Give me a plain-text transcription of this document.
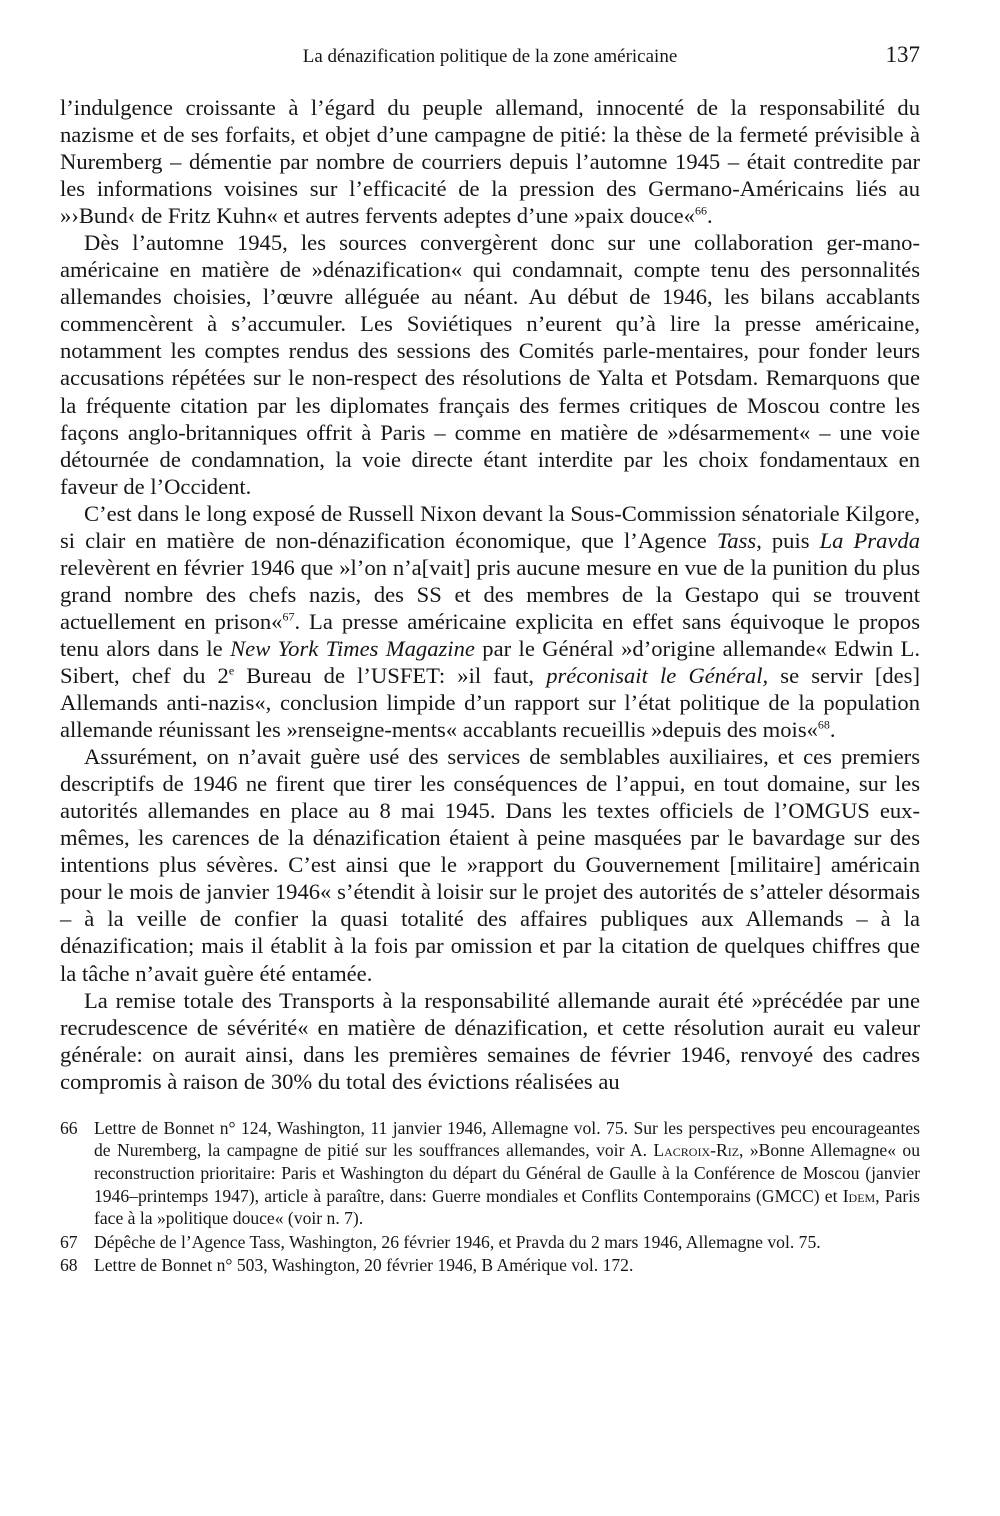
La dénazification politique de la zone américaine	137

l’indulgence croissante à l’égard du peuple allemand, innocenté de la responsabilité du nazisme et de ses forfaits, et objet d’une campagne de pitié: la thèse de la fermeté prévisible à Nuremberg – démentie par nombre de courriers depuis l’automne 1945 – était contredite par les informations voisines sur l’efficacité de la pression des Germano-Américains liés au »›Bund‹ de Fritz Kuhn« et autres fervents adeptes d’une »paix douce«$^{66}$.

Dès l’automne 1945, les sources convergèrent donc sur une collaboration ger-mano-américaine en matière de »dénazification« qui condamnait, compte tenu des personnalités allemandes choisies, l’œuvre alléguée au néant. Au début de 1946, les bilans accablants commencèrent à s’accumuler. Les Soviétiques n’eurent qu’à lire la presse américaine, notamment les comptes rendus des sessions des Comités parle-mentaires, pour fonder leurs accusations répétées sur le non-respect des résolutions de Yalta et Potsdam. Remarquons que la fréquente citation par les diplomates français des fermes critiques de Moscou contre les façons anglo-britanniques offrit à Paris – comme en matière de »désarmement« – une voie détournée de condamnation, la voie directe étant interdite par les choix fondamentaux en faveur de l’Occident.

C’est dans le long exposé de Russell Nixon devant la Sous-Commission sénatoriale Kilgore, si clair en matière de non-dénazification économique, que l’Agence Tass, puis La Pravda relevèrent en février 1946 que »l’on n’a[vait] pris aucune mesure en vue de la punition du plus grand nombre des chefs nazis, des SS et des membres de la Gestapo qui se trouvent actuellement en prison«$^{67}$. La presse américaine explicita en effet sans équivoque le propos tenu alors dans le New York Times Magazine par le Général »d’origine allemande« Edwin L. Sibert, chef du 2e Bureau de l’USFET: »il faut, préconisait le Général, se servir [des] Allemands anti-nazis«, conclusion limpide d’un rapport sur l’état politique de la population allemande réunissant les »renseigne-ments« accablants recueillis »depuis des mois«$^{68}$.

Assurément, on n’avait guère usé des services de semblables auxiliaires, et ces premiers descriptifs de 1946 ne firent que tirer les conséquences de l’appui, en tout domaine, sur les autorités allemandes en place au 8 mai 1945. Dans les textes officiels de l’OMGUS eux-mêmes, les carences de la dénazification étaient à peine masquées par le bavardage sur des intentions plus sévères. C’est ainsi que le »rapport du Gouvernement [militaire] américain pour le mois de janvier 1946« s’étendit à loisir sur le projet des autorités de s’atteler désormais – à la veille de confier la quasi totalité des affaires publiques aux Allemands – à la dénazification; mais il établit à la fois par omission et par la citation de quelques chiffres que la tâche n’avait guère été entamée.

La remise totale des Transports à la responsabilité allemande aurait été »précédée par une recrudescence de sévérité« en matière de dénazification, et cette résolution aurait eu valeur générale: on aurait ainsi, dans les premières semaines de février 1946, renvoyé des cadres compromis à raison de 30% du total des évictions réalisées au

66 Lettre de Bonnet n° 124, Washington, 11 janvier 1946, Allemagne vol. 75. Sur les perspectives peu encourageantes de Nuremberg, la campagne de pitié sur les souffrances allemandes, voir A. Lacroix-Riz, »Bonne Allemagne« ou reconstruction prioritaire: Paris et Washington du départ du Général de Gaulle à la Conférence de Moscou (janvier 1946–printemps 1947), article à paraître, dans: Guerre mondiales et Conflits Contemporains (GMCC) et Idem, Paris face à la »politique douce« (voir n. 7).
67 Dépêche de l’Agence Tass, Washington, 26 février 1946, et Pravda du 2 mars 1946, Allemagne vol. 75.
68 Lettre de Bonnet n° 503, Washington, 20 février 1946, B Amérique vol. 172.
